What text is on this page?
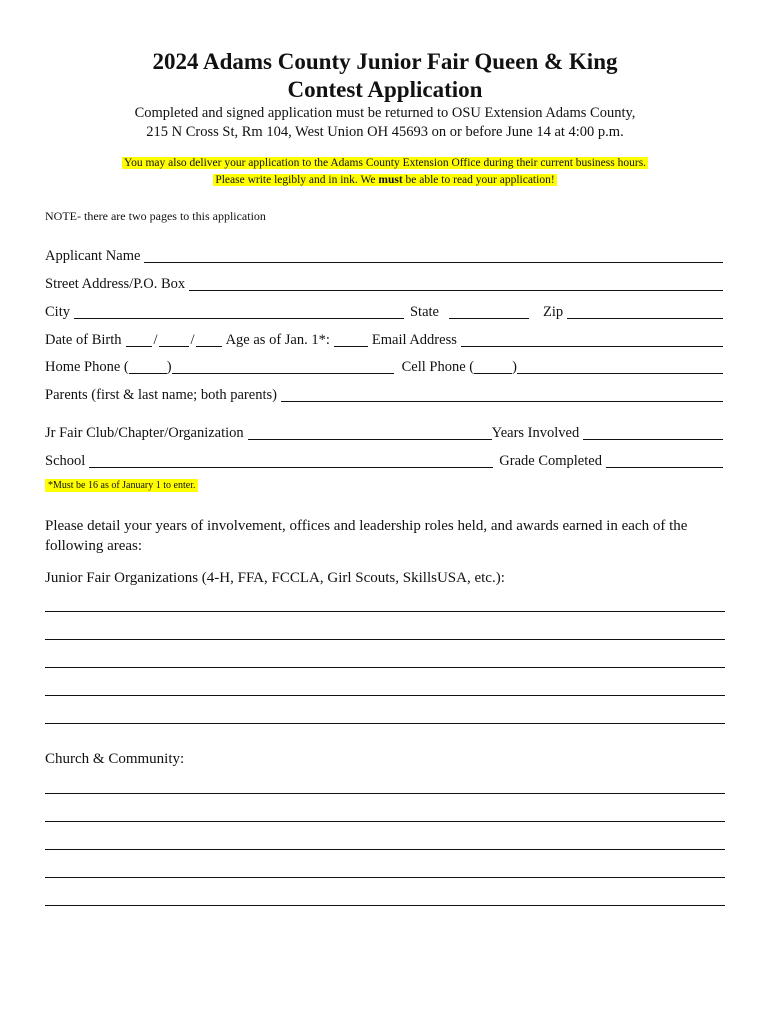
2024 Adams County Junior Fair Queen & King
Contest Application
Completed and signed application must be returned to OSU Extension Adams County,
215 N Cross St, Rm 104, West Union OH 45693 on or before June 14 at 4:00 p.m.
You may also deliver your application to the Adams County Extension Office during their current business hours.
Please write legibly and in ink. We must be able to read your application!
NOTE- there are two pages to this application
Applicant Name
Street Address/P.O. Box
City	State	Zip
Date of Birth / / Age as of Jan. 1*:	Email Address
Home Phone (	)	Cell Phone (	)
Parents (first & last name; both parents)
Jr Fair Club/Chapter/Organization	Years Involved
School	Grade Completed
*Must be 16 as of January 1 to enter.
Please detail your years of involvement, offices and leadership roles held, and awards earned in each of the following areas:
Junior Fair Organizations (4-H, FFA, FCCLA, Girl Scouts, SkillsUSA, etc.):
Church & Community:
